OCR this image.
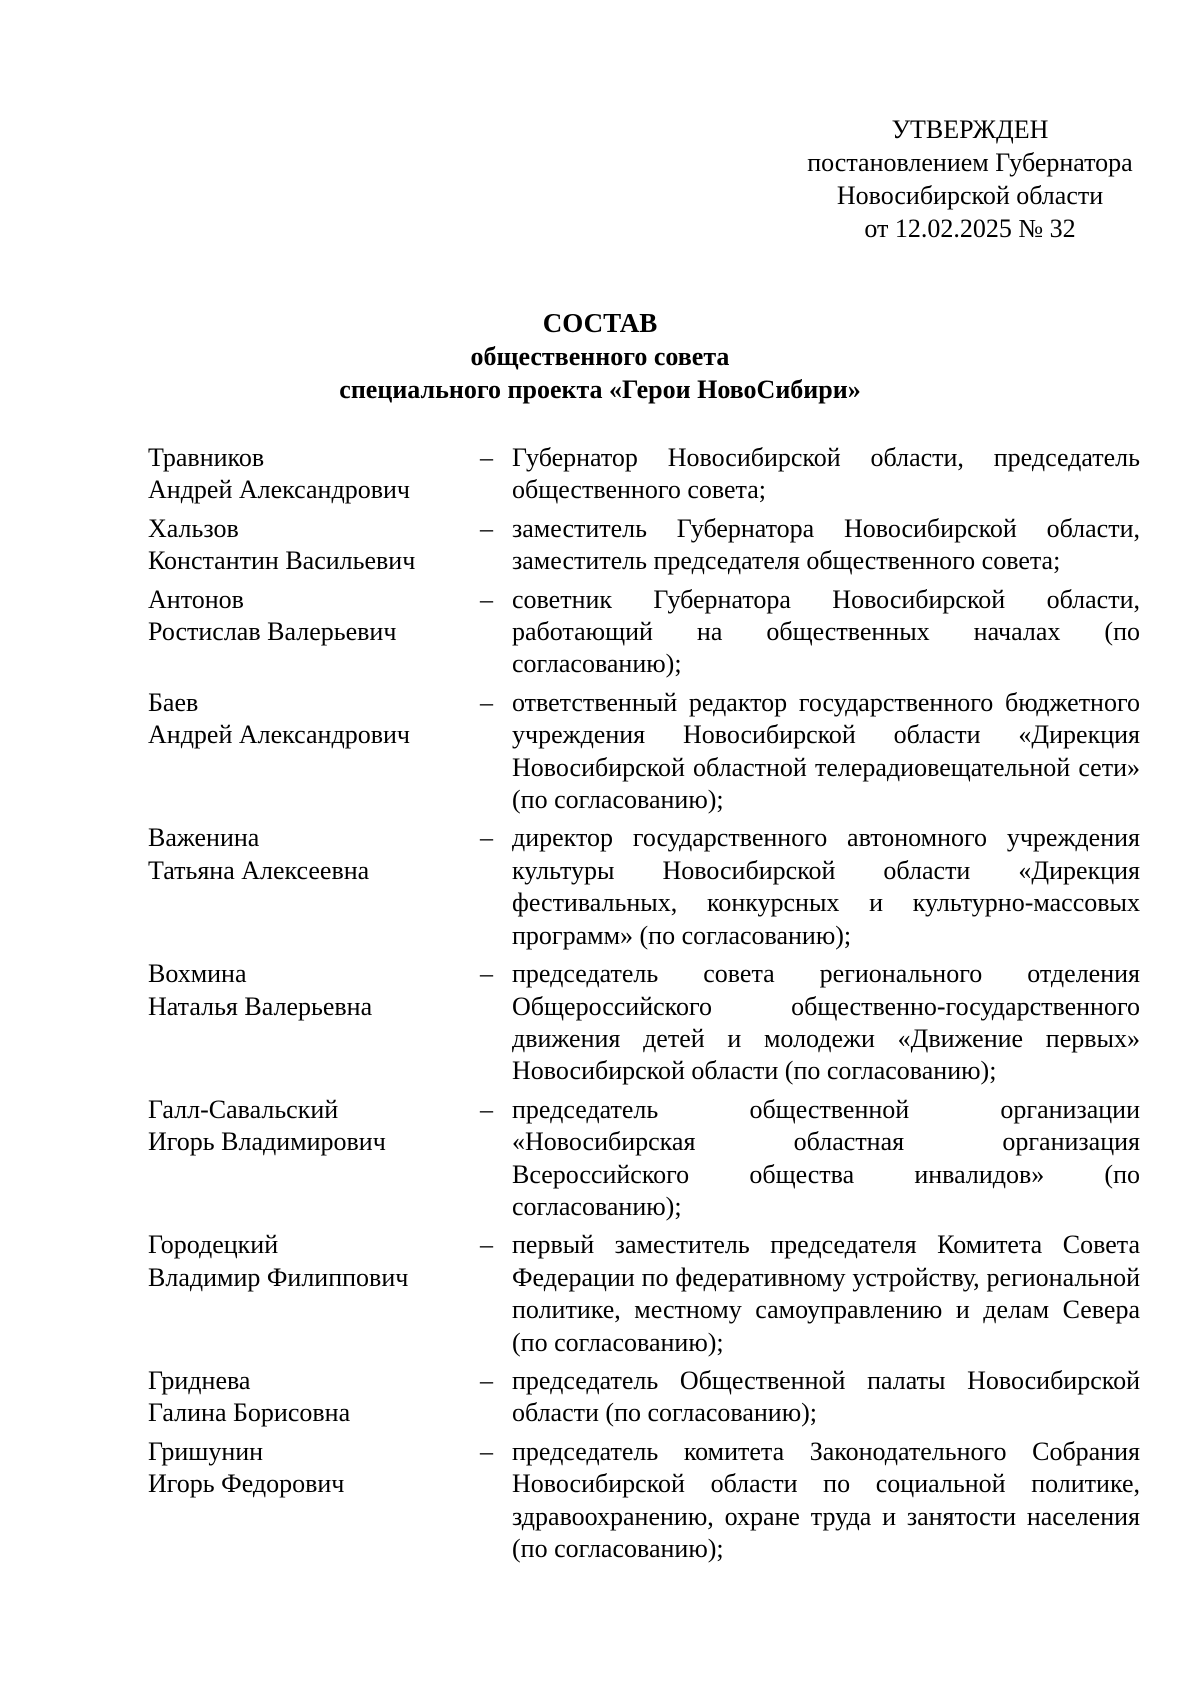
УТВЕРЖДЕН
постановлением Губернатора
Новосибирской области
от 12.02.2025 № 32
СОСТАВ
общественного совета
специального проекта «Герои НовоСибири»
Травников
Андрей Александрович
– Губернатор Новосибирской области, председатель общественного совета;
Хальзов
Константин Васильевич
– заместитель Губернатора Новосибирской области, заместитель председателя общественного совета;
Антонов
Ростислав Валерьевич
– советник Губернатора Новосибирской области, работающий на общественных началах (по согласованию);
Баев
Андрей Александрович
– ответственный редактор государственного бюджетного учреждения Новосибирской области «Дирекция Новосибирской областной телерадиовещательной сети» (по согласованию);
Важенина
Татьяна Алексеевна
– директор государственного автономного учреждения культуры Новосибирской области «Дирекция фестивальных, конкурсных и культурно-массовых программ» (по согласованию);
Вохмина
Наталья Валерьевна
– председатель совета регионального отделения Общероссийского общественно-государственного движения детей и молодежи «Движение первых» Новосибирской области (по согласованию);
Галл-Савальский
Игорь Владимирович
– председатель общественной организации «Новосибирская областная организация Всероссийского общества инвалидов» (по согласованию);
Городецкий
Владимир Филиппович
– первый заместитель председателя Комитета Совета Федерации по федеративному устройству, региональной политике, местному самоуправлению и делам Севера (по согласованию);
Гриднева
Галина Борисовна
– председатель Общественной палаты Новосибирской области (по согласованию);
Гришунин
Игорь Федорович
– председатель комитета Законодательного Собрания Новосибирской области по социальной политике, здравоохранению, охране труда и занятости населения (по согласованию);
